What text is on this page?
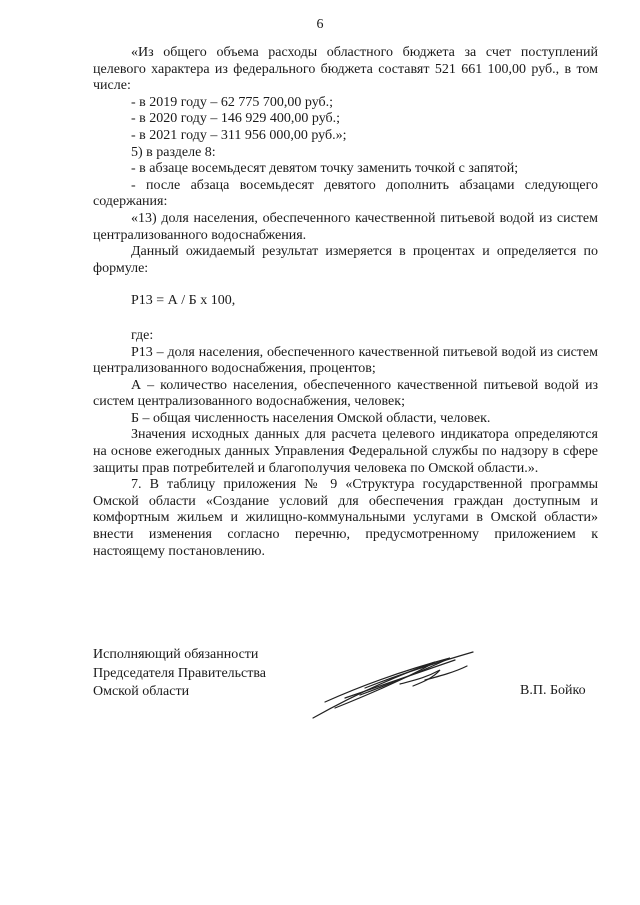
6

«Из общего объема расходы областного бюджета за счет поступлений целевого характера из федерального бюджета составят 521 661 100,00 руб., в том числе:

- в 2019 году – 62 775 700,00 руб.;

- в 2020 году – 146 929 400,00 руб.;

- в 2021 году – 311 956 000,00 руб.»;

5) в разделе 8:

- в абзаце восемьдесят девятом точку заменить точкой с запятой;

- после абзаца восемьдесят девятого дополнить абзацами следующего содержания:

«13) доля населения, обеспеченного качественной питьевой водой из систем централизованного водоснабжения.

Данный ожидаемый результат измеряется в процентах и определяется по формуле:

Р13 = А / Б х 100,

где:

Р13 – доля населения, обеспеченного качественной питьевой водой из систем централизованного водоснабжения, процентов;

А – количество населения, обеспеченного качественной питьевой водой из систем централизованного водоснабжения, человек;

Б – общая численность населения Омской области, человек.

Значения исходных данных для расчета целевого индикатора определяются на основе ежегодных данных Управления Федеральной службы по надзору в сфере защиты прав потребителей и благополучия человека по Омской области.».

7. В таблицу приложения № 9 «Структура государственной программы Омской области «Создание условий для обеспечения граждан доступным и комфортным жильем и жилищно-коммунальными услугами в Омской области» внести изменения согласно перечню, предусмотренному приложением к настоящему постановлению.

Исполняющий обязанности
Председателя Правительства
Омской области	В.П. Бойко
